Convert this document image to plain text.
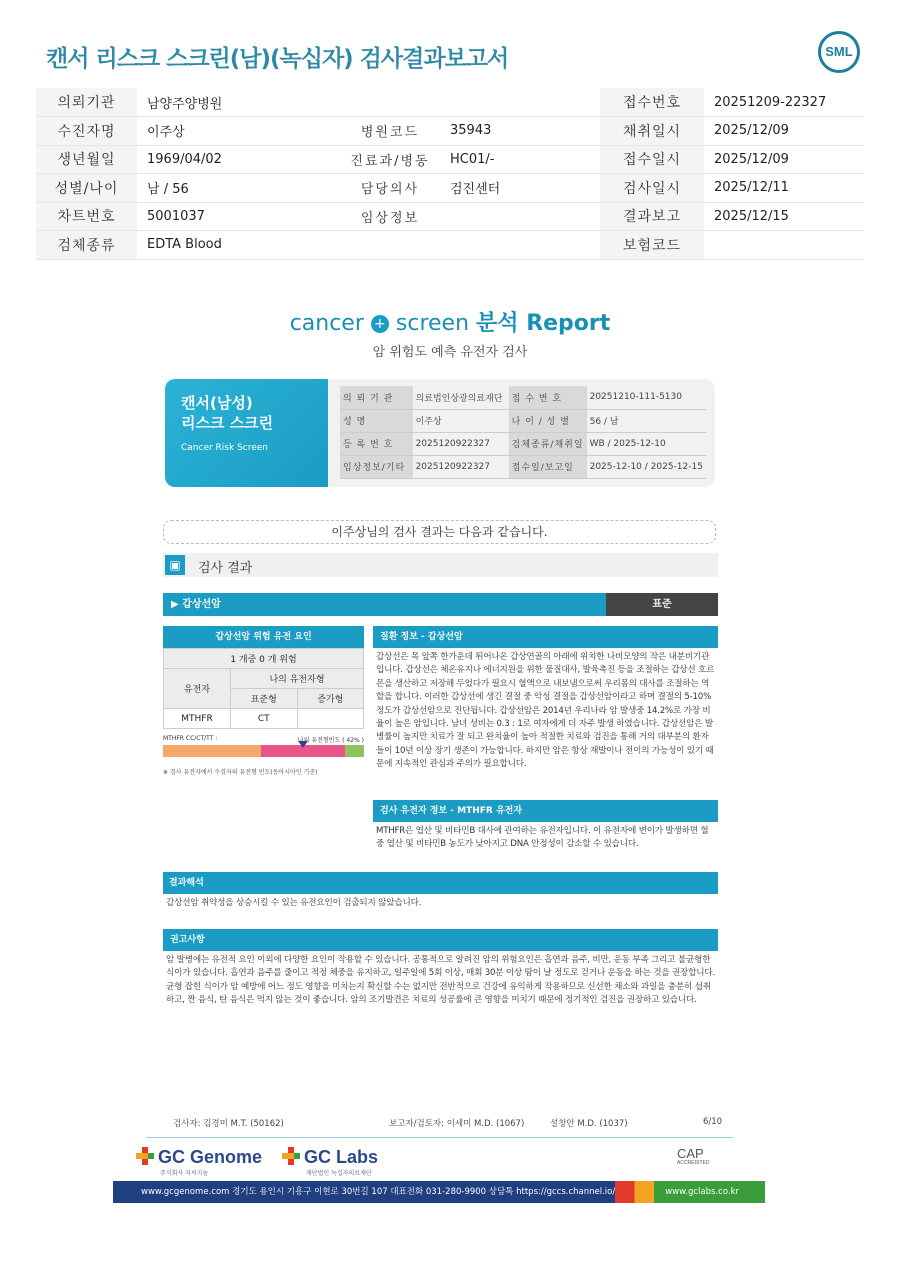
캔서 리스크 스크린(남)(녹십자) 검사결과보고서	SML
의뢰기관	남양주양병원			접수번호	20251209-22327
수진자명	이주상	병원코드	35943	채취일시	2025/12/09
생년월일	1969/04/02	진료과/병동	HC01/-	접수일시	2025/12/09
성별/나이	남 / 56	담당의사	검진센터	검사일시	2025/12/11
차트번호	5001037	임상정보		결과보고	2025/12/15
검체종류	EDTA Blood			보험코드	
cancer + screen 분석 Report
암 위험도 예측 유전자 검사
캔서(남성)
리스크 스크린
Cancer Risk Screen
의 뢰 기 관	의료법인상광의료재단	접 수 번 호	20251210-111-5130
성 명	이주상	나 이 / 성 별	56 / 남
등 록 번 호	2025120922327	검체종류/채취일	WB / 2025-12-10
임상정보/기타	2025120922327	접수일/보고일	2025-12-10 / 2025-12-15
이주상님의 검사 결과는 다음과 같습니다.
▣	검사 결과
▶ 갑상선암	표준
갑상선암 위험 유전 요인
1 개중 0 개 위험		
유전자	나의 유전자형	
	표준형	증가형
MTHFR	CT	
MTHFR CC/CT/TT :	나의 유전형빈도 ( 42% )
※ 검사 유전자에서 수검자의 유전형 빈도(동아시아인 기준)
질환 정보 - 갑상선암
갑상선은 목 앞쪽 한가운데 튀어나온 갑상연골의 아래에 위치한 나비모양의 작은 내분비기관입니다. 갑상선은 체온유지나 에너지원을 위한 물질대사, 발육촉진 등을 조절하는 갑상선 호르몬을 생산하고 저장해 두었다가 필요시 혈액으로 내보냄으로써 우리몸의 대사를 조절하는 역할을 합니다. 이러한 갑상선에 생긴 결절 중 악성 결절을 갑상선암이라고 하며 결절의 5-10%정도가 갑상선암으로 진단됩니다. 갑상선암은 2014년 우리나라 암 발생중 14.2%로 가장 비율이 높은 암입니다. 남녀 성비는 0.3 : 1로 여자에게 더 자주 발생 하였습니다. 갑상선암은 발병률이 높지만 치료가 잘 되고 완치율이 높아 적절한 치료와 검진을 통해 거의 대부분의 환자들이 10년 이상 장기 생존이 가능합니다. 하지만 암은 항상 재발이나 전이의 가능성이 있기 때문에 지속적인 관심과 주의가 필요합니다.
검사 유전자 정보 - MTHFR 유전자
MTHFR은 엽산 및 비타민B 대사에 관여하는 유전자입니다. 이 유전자에 변이가 발생하면 혈중 엽산 및 비타민B 농도가 낮아지고 DNA 안정성이 감소할 수 있습니다.
결과해석
갑상선암 취약성을 상승시킬 수 있는 유전요인이 검출되지 않았습니다.
권고사항
암 발병에는 유전적 요인 이외에 다양한 요인이 작용할 수 있습니다. 공통적으로 알려진 암의 위험요인은 흡연과 음주, 비만, 운동 부족 그리고 불균형한 식이가 있습니다. 흡연과 음주를 줄이고 적정 체중을 유지하고, 일주일에 5회 이상, 매회 30분 이상 땀이 날 정도로 걷거나 운동을 하는 것을 권장합니다. 균형 잡힌 식이가 암 예방에 어느 정도 영향을 미치는지 확신할 수는 없지만 전반적으로 건강에 유익하게 작용하므로 신선한 채소와 과일을 충분히 섭취하고, 짠 음식, 탄 음식은 먹지 않는 것이 좋습니다. 암의 조기발견은 치료의 성공률에 큰 영향을 미치기 때문에 정기적인 검진을 권장하고 있습니다.
검사자: 김경미 M.T. (50162)	보고자/검토자: 이세미 M.D. (1067)	설창안 M.D. (1037)	6/10
GC Genome
주식회사 지씨지놈
GC Labs
재단법인 녹십자의료재단
CAP
ACCREDITED
www.gcgenome.com 경기도 용인시 기흥구 이현로 30번길 107 대표전화 031-280-9900 상담톡 https://gccs.channel.io/	www.gclabs.co.kr
